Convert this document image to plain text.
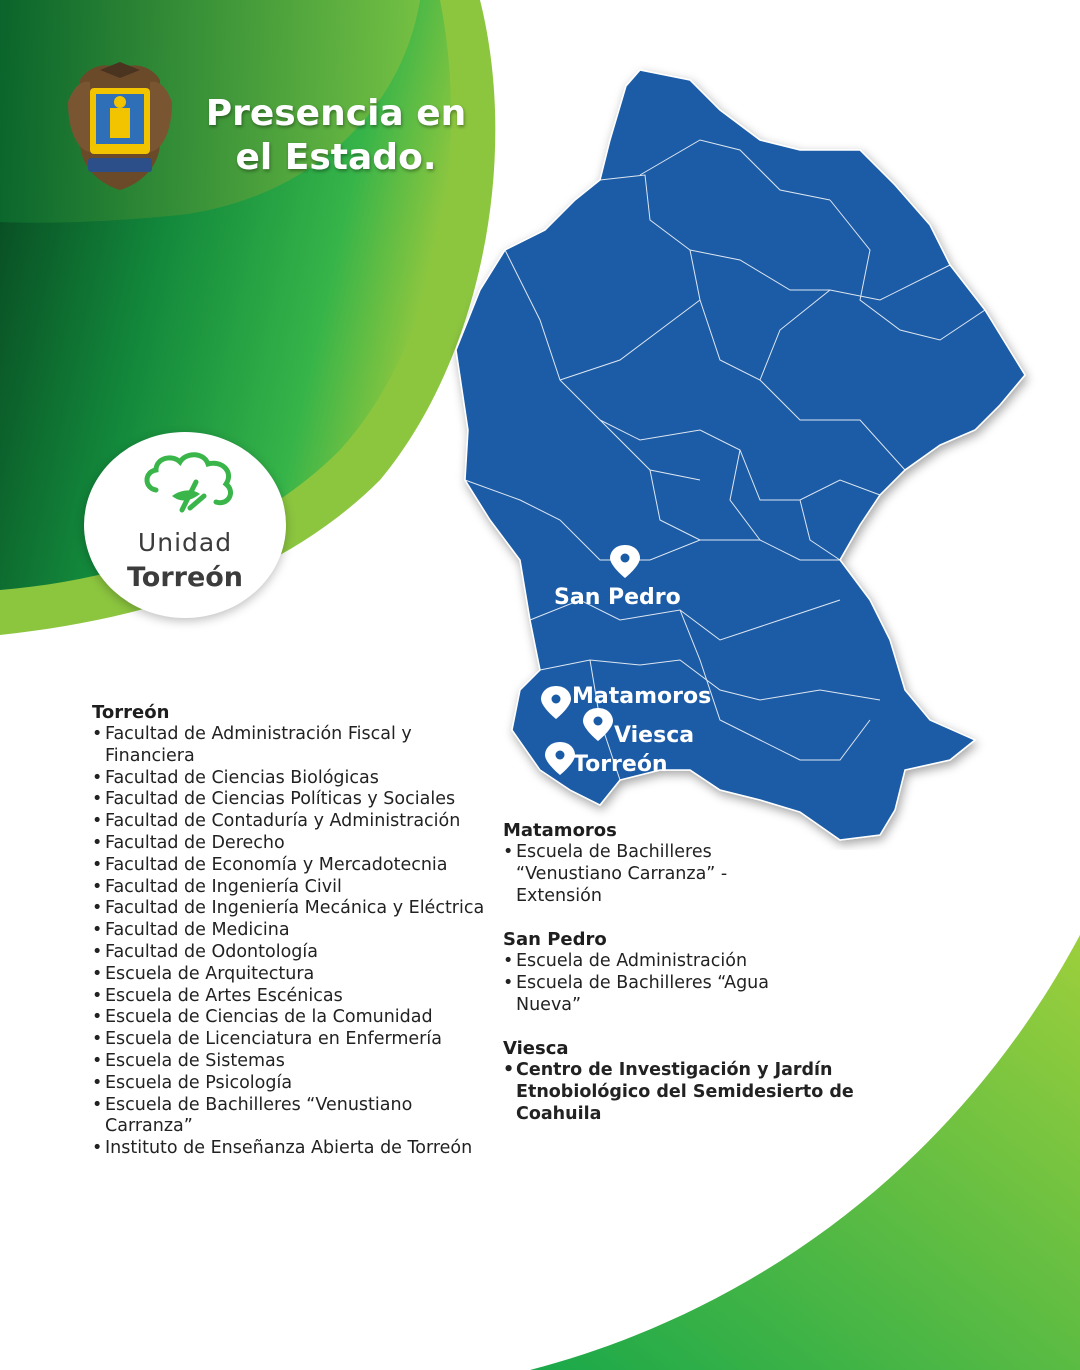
Presencia en
el Estado.
Unidad
Torreón
San Pedro
Matamoros
Viesca
Torreón
Torreón
• Facultad de Administración Fiscal y Financiera
• Facultad de Ciencias Biológicas
• Facultad de Ciencias Políticas y Sociales
• Facultad de Contaduría y Administración
• Facultad de Derecho
• Facultad de Economía y Mercadotecnia
• Facultad de Ingeniería Civil
• Facultad de Ingeniería Mecánica y Eléctrica
• Facultad de Medicina
• Facultad de Odontología
• Escuela de Arquitectura
• Escuela de Artes Escénicas
• Escuela de Ciencias de la Comunidad
• Escuela de Licenciatura en Enfermería
• Escuela de Sistemas
• Escuela de Psicología
• Escuela de Bachilleres “Venustiano Carranza”
• Instituto de Enseñanza Abierta de Torreón
Matamoros
• Escuela de Bachilleres “Venustiano Carranza” - Extensión
San Pedro
• Escuela de Administración
• Escuela de Bachilleres “Agua Nueva”
Viesca
• Centro de Investigación y Jardín Etnobiológico del Semidesierto de Coahuila
